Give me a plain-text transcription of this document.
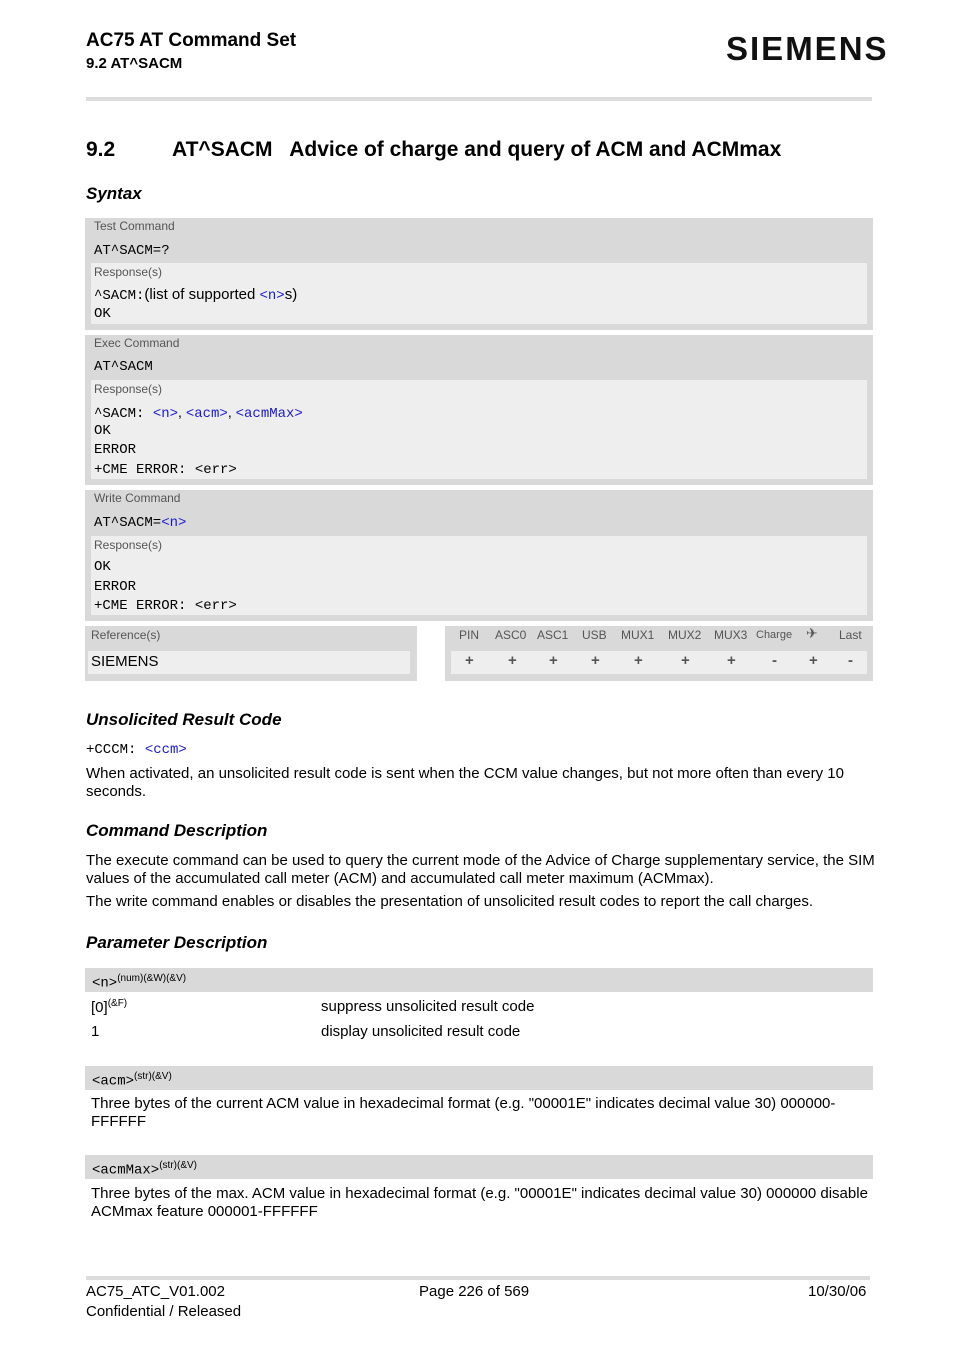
AC75 AT Command Set
9.2 AT^SACM	SIEMENS
9.2	AT^SACM   Advice of charge and query of ACM and ACMmax
Syntax
Test Command
AT^SACM=?
Response(s)
^SACM:(list of supported <n>s)
OK
Exec Command
AT^SACM
Response(s)
^SACM: <n>, <acm>, <acmMax>
OK
ERROR
+CME ERROR: <err>
Write Command
AT^SACM=<n>
Response(s)
OK
ERROR
+CME ERROR: <err>
Reference(s)
SIEMENS
PIN ASC0 ASC1 USB MUX1 MUX2 MUX3 Charge ✈ Last
+ + + + +	+ + - + -
Unsolicited Result Code
+CCCM: <ccm>
When activated, an unsolicited result code is sent when the CCM value changes, but not more often than every 10 seconds.
Command Description
The execute command can be used to query the current mode of the Advice of Charge supplementary service, the SIM values of the accumulated call meter (ACM) and accumulated call meter maximum (ACMmax).
The write command enables or disables the presentation of unsolicited result codes to report the call charges.
Parameter Description
<n>$^{(num)(\&W)(\&V)}$
$[0]^{(\&F)}$	suppress unsolicited result code
1	display unsolicited result code
<acm>$^{(str)(\&V)}$
Three bytes of the current ACM value in hexadecimal format (e.g. "00001E" indicates decimal value 30) 000000-FFFFFF
<acmMax>$^{(str)(\&V)}$
Three bytes of the max. ACM value in hexadecimal format (e.g. "00001E" indicates decimal value 30) 000000 disable ACMmax feature 000001-FFFFFF
AC75_ATC_V01.002
Confidential / Released
Page 226 of 569	10/30/06
